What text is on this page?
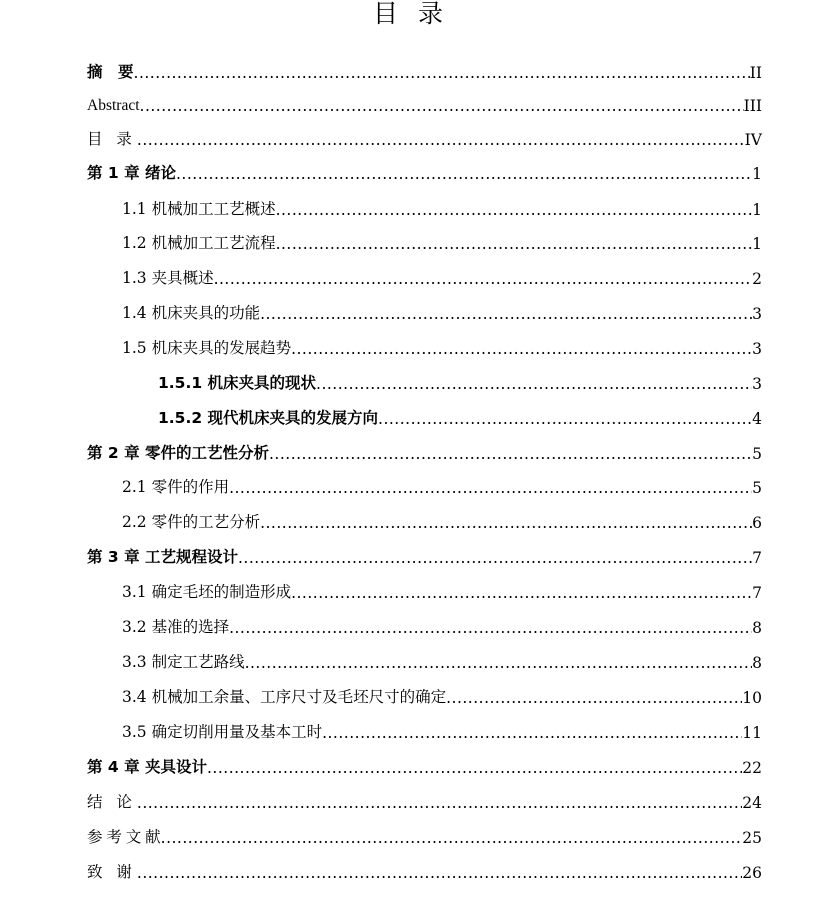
目 录
摘　要 .....	II
Abstract .....	III
目 录 .....	IV
第 1 章 绪论 .....	1
1.1 机械加工工艺概述 .....	1
1.2 机械加工工艺流程 .....	1
1.3 夹具概述 .....	2
1.4 机床夹具的功能 .....	3
1.5 机床夹具的发展趋势 .....	3
1.5.1 机床夹具的现状 .....	3
1.5.2 现代机床夹具的发展方向 .....	4
第 2 章 零件的工艺性分析 .....	5
2.1 零件的作用 .....	5
2.2 零件的工艺分析 .....	6
第 3 章 工艺规程设计 .....	7
3.1 确定毛坯的制造形成 .....	7
3.2 基准的选择 .....	8
3.3 制定工艺路线 .....	8
3.4 机械加工余量、工序尺寸及毛坯尺寸的确定 .....	10
3.5 确定切削用量及基本工时 .....	11
第 4 章 夹具设计 .....	22
结 论 .....	24
参 考 文 献 .....	25
致 谢 .....	26
